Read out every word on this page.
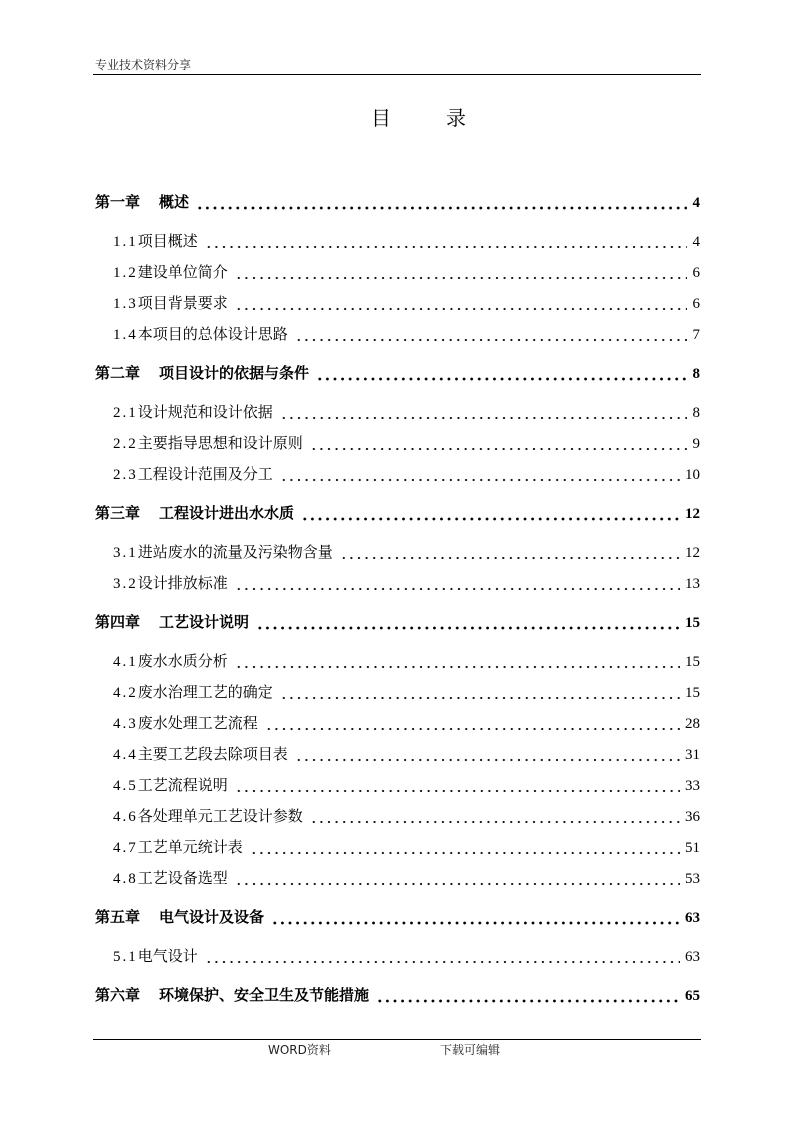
专业技术资料分享
目录
第一章	概述	4
1.1 项目概述	4
1.2 建设单位简介	6
1.3 项目背景要求	6
1.4 本项目的总体设计思路	7
第二章	项目设计的依据与条件	8
2.1 设计规范和设计依据	8
2.2 主要指导思想和设计原则	9
2.3 工程设计范围及分工	10
第三章	工程设计进出水水质	12
3.1 进站废水的流量及污染物含量	12
3.2 设计排放标准	13
第四章	工艺设计说明	15
4.1 废水水质分析	15
4.2 废水治理工艺的确定	15
4.3 废水处理工艺流程	28
4.4 主要工艺段去除项目表	31
4.5 工艺流程说明	33
4.6 各处理单元工艺设计参数	36
4.7 工艺单元统计表	51
4.8 工艺设备选型	53
第五章	电气设计及设备	63
5.1 电气设计	63
第六章	环境保护、安全卫生及节能措施	65
WORD资料	下载可编辑
